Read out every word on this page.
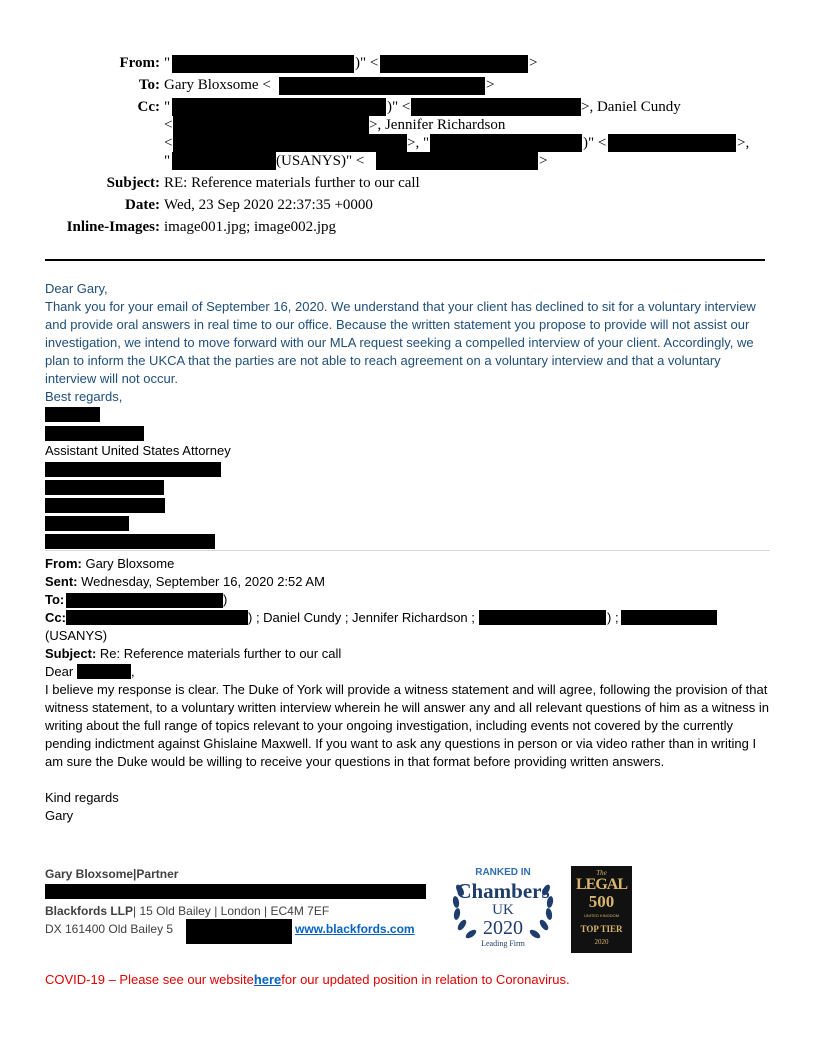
From: "	)" <	>
To: Gary Bloxsome <	>
Cc: "	)" <	>, Daniel Cundy
<	>, Jennifer Richardson
<	>, "	)" <	>,
"	(USANYS)" <	>
Subject: RE: Reference materials further to our call
Date: Wed, 23 Sep 2020 22:37:35 +0000
Inline-Images: image001.jpg; image002.jpg
Dear Gary,
Thank you for your email of September 16, 2020. We understand that your client has declined to sit for a voluntary interview and provide oral answers in real time to our office. Because the written statement you propose to provide will not assist our investigation, we intend to move forward with our MLA request seeking a compelled interview of your client. Accordingly, we plan to inform the UKCA that the parties are not able to reach agreement on a voluntary interview and that a voluntary interview will not occur.
Best regards,
Assistant United States Attorney
From: Gary Bloxsome
Sent: Wednesday, September 16, 2020 2:52 AM
To:	)
Cc:	) ; Daniel Cundy ; Jennifer Richardson ;	) ;
(USANYS)
Subject: Re: Reference materials further to our call
Dear	,
I believe my response is clear. The Duke of York will provide a witness statement and will agree, following the provision of that witness statement, to a voluntary written interview wherein he will answer any and all relevant questions of him as a witness in writing about the full range of topics relevant to your ongoing investigation, including events not covered by the currently pending indictment against Ghislaine Maxwell. If you want to ask any questions in person or via video rather than in writing I am sure the Duke would be willing to receive your questions in that format before providing written answers.
Kind regards
Gary
Gary Bloxsome|Partner
Blackfords LLP| 15 Old Bailey | London | EC4M 7EF
DX 161400 Old Bailey 5	www.blackfords.com
RANKED IN
Chambers
UK
2020
Leading Firm
The
LEGAL
500
UNITED KINGDOM
TOP TIER
2020
COVID-19 – Please see our websiteherefor our updated position in relation to Coronavirus.
